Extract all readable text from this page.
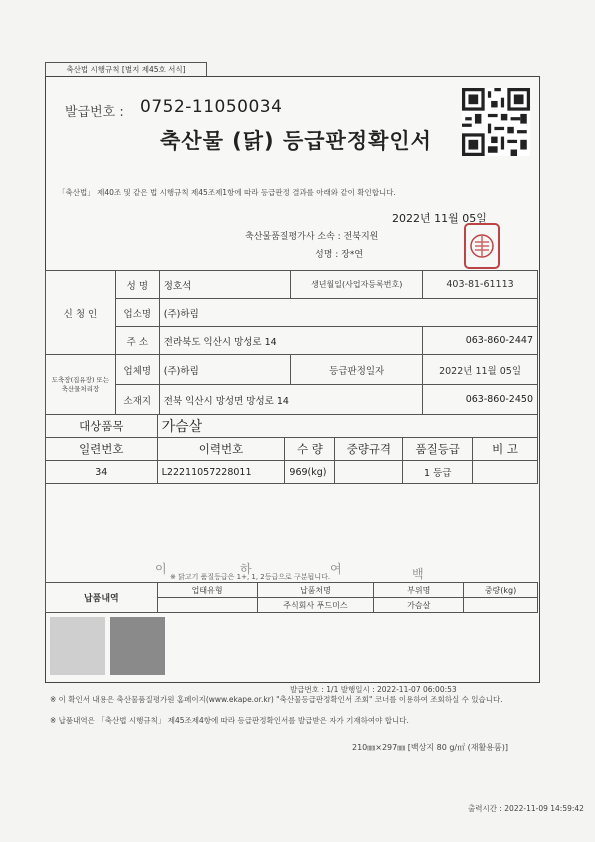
축산법 시행규칙 [별지 제45호 서식]
발급번호 : 0752-11050034
축산물 (닭) 등급판정확인서
「축산법」 제40조 및 같은 법 시행규칙 제45조제1항에 따라 등급판정 결과를 아래와 같이 확인합니다.
2022년 11월 05일
축산물품질평가사 소속 : 전북지원
성명 : 장*연
신 청 인	성 명	정호석	생년월일(사업자등록번호)	403-81-61113
	업소명	(주)하림		
	주 소	전라북도 익산시 망성로 14		063-860-2447
도축장(집유장) 또는 축산물처리장	업체명	(주)하림	등급판정일자	2022년 11월 05일
	소재지	전북 익산시 망성면 망성로 14		063-860-2450
대상품목	가슴살				
일련번호	이력번호	수 량	중량규격	품질등급	비 고
34	L22211057228011	969(kg)		1 등급	
이	하	여	백
※ 닭고기 품질등급은 1+, 1, 2등급으로 구분됩니다.
납품내역	업태유형	납품처명	부위명	중량(kg)
		주식회사 푸드미스	가슴살	
발급번호 : 1/1 발행일시 : 2022-11-07 06:00:53
※ 이 확인서 내용은 축산물품질평가원 홈페이지(www.ekape.or.kr) "축산물등급판정확인서 조회" 코너를 이용하여 조회하실 수 있습니다.
※ 납품내역은 「축산법 시행규칙」 제45조제4항에 따라 등급판정확인서를 발급받은 자가 기재하여야 합니다.
210㎜×297㎜ [백상지 80 g/㎡ (재활용품)]
출력시간 : 2022-11-09 14:59:42
